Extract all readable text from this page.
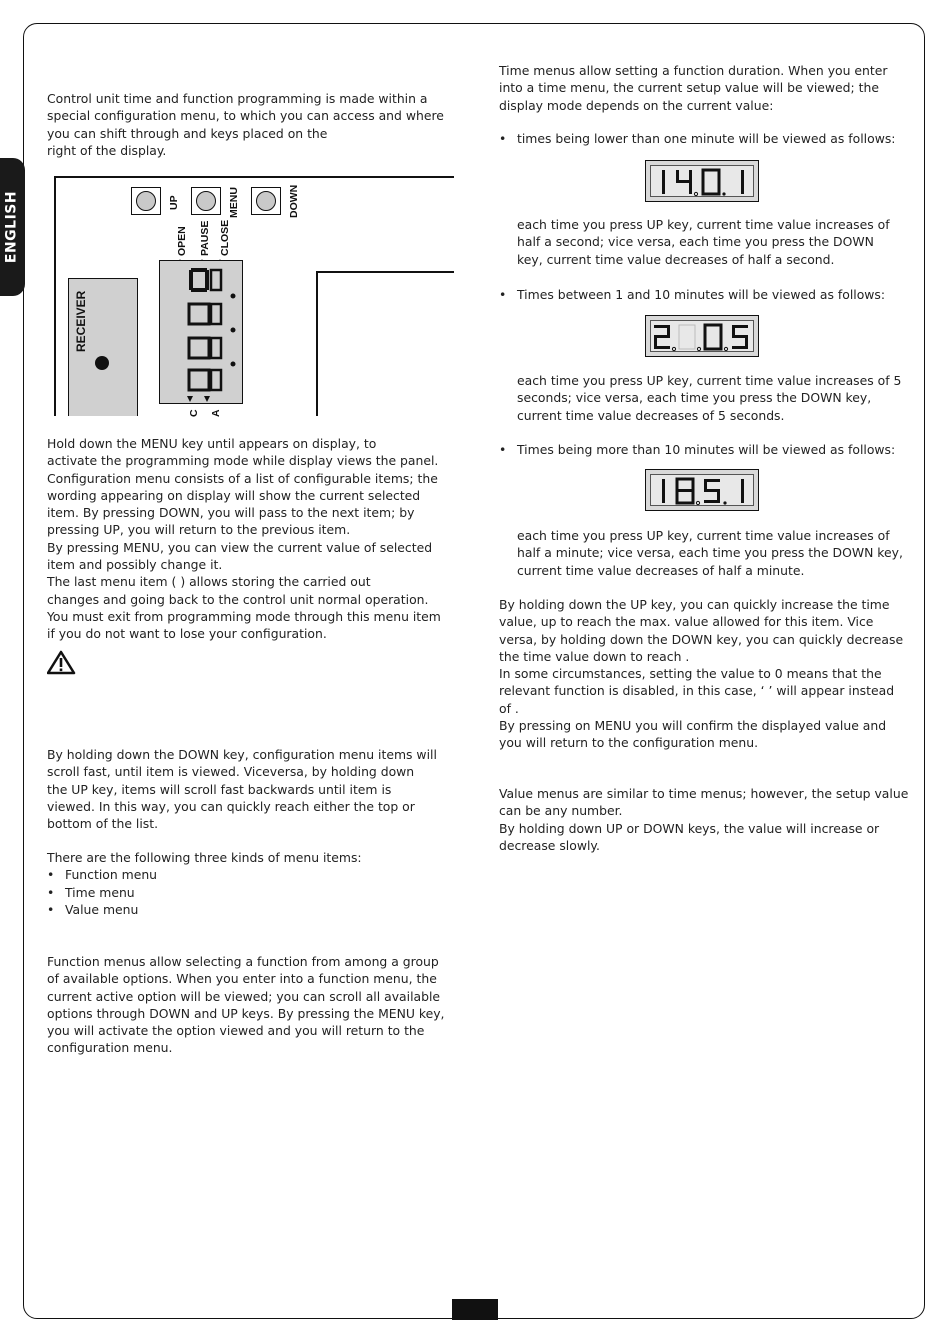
ENGLISH

Control unit time and function programming is made within a
special configuration menu, to which you can access and where
you can shift through and keys placed on the
right of the display.

UP	MENU	DOWN
OPEN	PAUSE CLOSE
RECEIVER
C A

Hold down the MENU key until appears on display, to
activate the programming mode while display views the panel.
Configuration menu consists of a list of configurable items; the
wording appearing on display will show the current selected
item. By pressing DOWN, you will pass to the next item; by
pressing UP, you will return to the previous item.
By pressing MENU, you can view the current value of selected
item and possibly change it.
The last menu item ( ) allows storing the carried out
changes and going back to the control unit normal operation.
You must exit from programming mode through this menu item
if you do not want to lose your configuration.

By holding down the DOWN key, configuration menu items will
scroll fast, until item is viewed. Viceversa, by holding down
the UP key, items will scroll fast backwards until item is
viewed. In this way, you can quickly reach either the top or
bottom of the list.

There are the following three kinds of menu items:

• Function menu
• Time menu
• Value menu

Function menus allow selecting a function from among a group
of available options. When you enter into a function menu, the
current active option will be viewed; you can scroll all available
options through DOWN and UP keys. By pressing the MENU key,
you will activate the option viewed and you will return to the
configuration menu.

Time menus allow setting a function duration. When you enter
into a time menu, the current setup value will be viewed; the
display mode depends on the current value:

• times being lower than one minute will be viewed as follows:

each time you press UP key, current time value increases of
half a second; vice versa, each time you press the DOWN
key, current time value decreases of half a second.

• Times between 1 and 10 minutes will be viewed as follows:

each time you press UP key, current time value increases of 5
seconds; vice versa, each time you press the DOWN key,
current time value decreases of 5 seconds.

• Times being more than 10 minutes will be viewed as follows:

each time you press UP key, current time value increases of
half a minute; vice versa, each time you press the DOWN key,
current time value decreases of half a minute.

By holding down the UP key, you can quickly increase the time
value, up to reach the max. value allowed for this item. Vice
versa, by holding down the DOWN key, you can quickly decrease
the time value down to reach .
In some circumstances, setting the value to 0 means that the
relevant function is disabled, in this case, ‘ ’ will appear instead
of .
By pressing on MENU you will confirm the displayed value and
you will return to the configuration menu.

Value menus are similar to time menus; however, the setup value
can be any number.
By holding down UP or DOWN keys, the value will increase or
decrease slowly.
